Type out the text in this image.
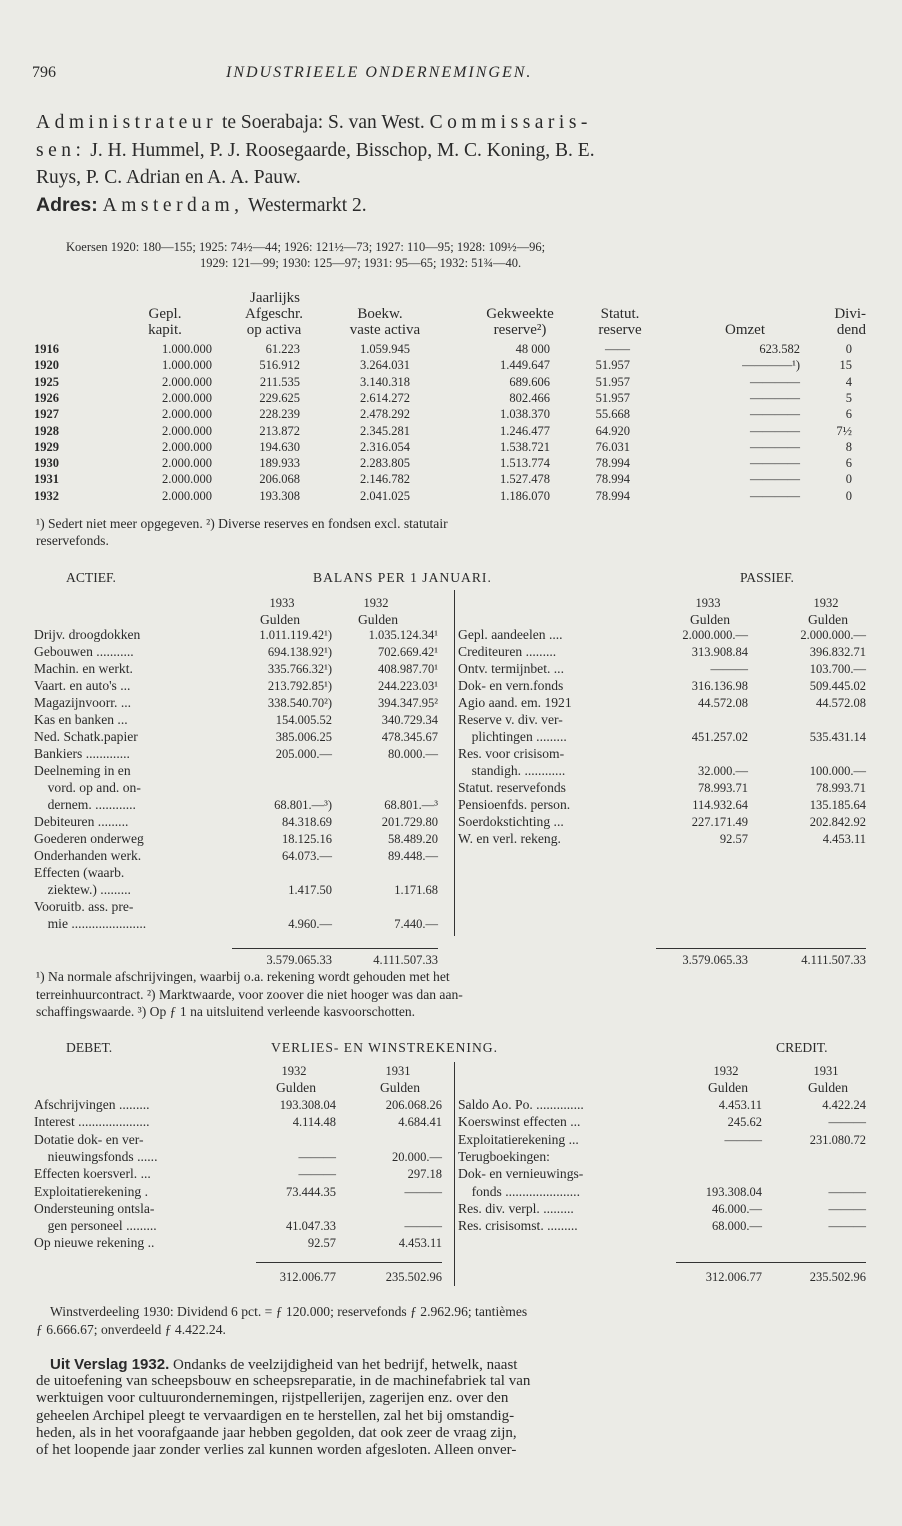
796	INDUSTRIEELE ONDERNEMINGEN.
Administrateur te Soerabaja: S. van West. Commissaris-
sen: J. H. Hummel, P. J. Roosegaarde, Bisschop, M. C. Koning, B. E.
Ruys, P. C. Adrian en A. A. Pauw.
Adres: Amsterdam, Westermarkt 2.
Koersen 1920: 180—155; 1925: 74½—44; 1926: 121½—73; 1927: 110—95; 1928: 109½—96;
1929: 121—99; 1930: 125—97; 1931: 95—65; 1932: 51¾—40.
Jaarlijks
Gepl.	Afgeschr.	Boekw.	Gekweekte	Statut.	Divi-
kapit.	op activa	vaste activa	reserve²)	reserve	Omzet	dend
1916	1.000.000	61.223	1.059.945	48 000	——	623.582	0
1920	1.000.000	516.912	3.264.031	1.449.647	51.957	————¹)	15
1925	2.000.000	211.535	3.140.318	689.606	51.957	————	4
1926	2.000.000	229.625	2.614.272	802.466	51.957	————	5
1927	2.000.000	228.239	2.478.292	1.038.370	55.668	————	6
1928	2.000.000	213.872	2.345.281	1.246.477	64.920	————	7½
1929	2.000.000	194.630	2.316.054	1.538.721	76.031	————	8
1930	2.000.000	189.933	2.283.805	1.513.774	78.994	————	6
1931	2.000.000	206.068	2.146.782	1.527.478	78.994	————	0
1932	2.000.000	193.308	2.041.025	1.186.070	78.994	————	0
¹) Sedert niet meer opgegeven. ²) Diverse reserves en fondsen excl. statutair
reservefonds.
ACTIEF.	BALANS PER 1 JANUARI.	PASSIEF.
1933	1932
Gulden	Gulden
1933	1932
Gulden	Gulden
Drijv. droogdokken	1.011.119.42¹)	1.035.124.34¹
Gebouwen ...........	694.138.92¹)	702.669.42¹
Machin. en werkt.	335.766.32¹)	408.987.70¹
Vaart. en auto's ...	213.792.85¹)	244.223.03¹
Magazijnvoorr. ...	338.540.70²)	394.347.95²
Kas en banken ...	154.005.52	340.729.34
Ned. Schatk.papier	385.006.25	478.345.67
Bankiers .............	205.000.—	80.000.—
Deelneming in en
vord. op and. on-
dernem. ............	68.801.—³)	68.801.—³
Debiteuren .........	84.318.69	201.729.80
Goederen onderweg	18.125.16	58.489.20
Onderhanden werk.	64.073.—	89.448.—
Effecten (waarb.
ziektew.) .........	1.417.50	1.171.68
Vooruitb. ass. pre-
mie ......................	4.960.—	7.440.—
Gepl. aandeelen ....	2.000.000.—	2.000.000.—
Crediteuren .........	313.908.84	396.832.71
Ontv. termijnbet. ...	———	103.700.—
Dok- en vern.fonds	316.136.98	509.445.02
Agio aand. em. 1921	44.572.08	44.572.08
Reserve v. div. ver-
plichtingen .........	451.257.02	535.431.14
Res. voor crisisom-
standigh. ............	32.000.—	100.000.—
Statut. reservefonds	78.993.71	78.993.71
Pensioenfds. person.	114.932.64	135.185.64
Soerdokstichting ...	227.171.49	202.842.92
W. en verl. rekeng.	92.57	4.453.11
3.579.065.33	4.111.507.33	3.579.065.33	4.111.507.33
¹) Na normale afschrijvingen, waarbij o.a. rekening wordt gehouden met het
terreinhuurcontract. ²) Marktwaarde, voor zoover die niet hooger was dan aan-
schaffingswaarde. ³) Op ƒ 1 na uitsluitend verleende kasvoorschotten.
DEBET.	VERLIES- EN WINSTREKENING.	CREDIT.
1932	1931
Gulden	Gulden
1932	1931
Gulden	Gulden
Afschrijvingen .........	193.308.04	206.068.26
Interest .....................	4.114.48	4.684.41
Dotatie dok- en ver-
nieuwingsfonds ......	———	20.000.—
Effecten koersverl. ...	———	297.18
Exploitatierekening .	73.444.35	———
Ondersteuning ontsla-
gen personeel .........	41.047.33	———
Op nieuwe rekening ..	92.57	4.453.11
Saldo Ao. Po. ..............	4.453.11	4.422.24
Koerswinst effecten ...	245.62	———
Exploitatierekening ...	———	231.080.72
Terugboekingen:
Dok- en vernieuwings-
fonds ......................	193.308.04	———
Res. div. verpl. .........	46.000.—	———
Res. crisisomst. .........	68.000.—	———
312.006.77	235.502.96	312.006.77	235.502.96
Winstverdeeling 1930: Dividend 6 pct. = ƒ 120.000; reservefonds ƒ 2.962.96; tantièmes
ƒ 6.666.67; onverdeeld ƒ 4.422.24.
Uit Verslag 1932. Ondanks de veelzijdigheid van het bedrijf, hetwelk, naast
de uitoefening van scheepsbouw en scheepsreparatie, in de machinefabriek tal van
werktuigen voor cultuurondernemingen, rijstpellerijen, zagerijen enz. over den
geheelen Archipel pleegt te vervaardigen en te herstellen, zal het bij omstandig-
heden, als in het voorafgaande jaar hebben gegolden, dat ook zeer de vraag zijn,
of het loopende jaar zonder verlies zal kunnen worden afgesloten. Alleen onver-
